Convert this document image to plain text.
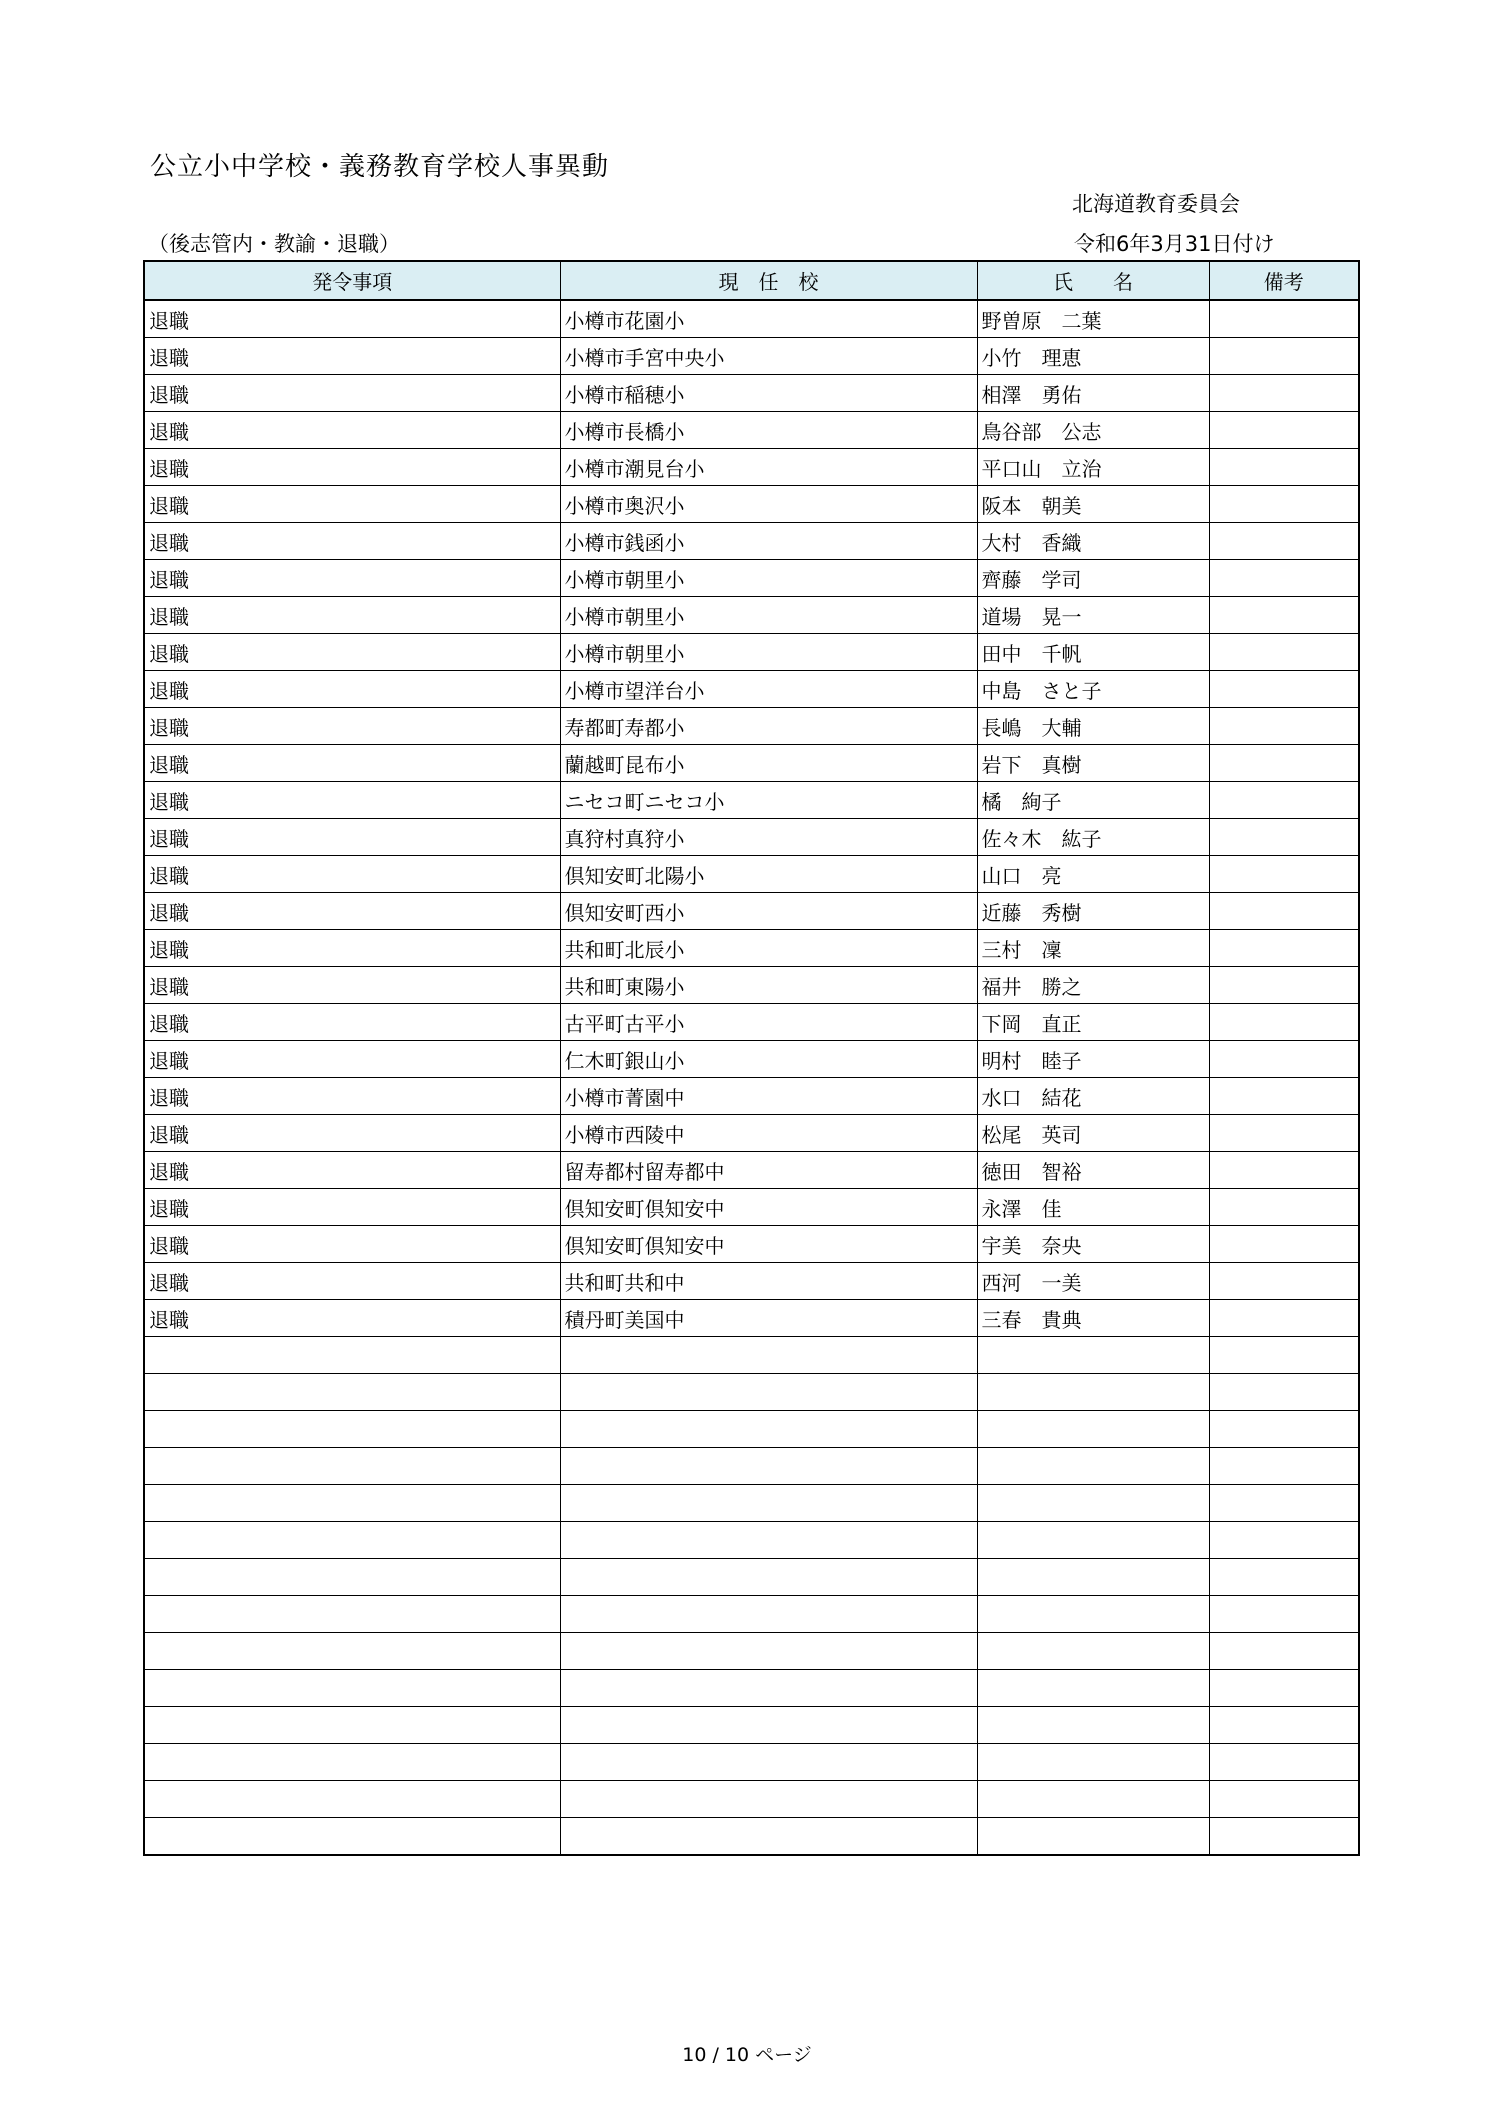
公立小中学校・義務教育学校人事異動
北海道教育委員会
（後志管内・教諭・退職）	令和6年3月31日付け
発令事項	現　任　校	氏　　名	備考
退職	小樽市花園小	野曽原　二葉	
退職	小樽市手宮中央小	小竹　理恵	
退職	小樽市稲穂小	相澤　勇佑	
退職	小樽市長橋小	鳥谷部　公志	
退職	小樽市潮見台小	平口山　立治	
退職	小樽市奥沢小	阪本　朝美	
退職	小樽市銭函小	大村　香織	
退職	小樽市朝里小	齊藤　学司	
退職	小樽市朝里小	道場　晃一	
退職	小樽市朝里小	田中　千帆	
退職	小樽市望洋台小	中島　さと子	
退職	寿都町寿都小	長嶋　大輔	
退職	蘭越町昆布小	岩下　真樹	
退職	ニセコ町ニセコ小	橘　絢子	
退職	真狩村真狩小	佐々木　紘子	
退職	倶知安町北陽小	山口　亮	
退職	倶知安町西小	近藤　秀樹	
退職	共和町北辰小	三村　凜	
退職	共和町東陽小	福井　勝之	
退職	古平町古平小	下岡　直正	
退職	仁木町銀山小	明村　睦子	
退職	小樽市菁園中	水口　結花	
退職	小樽市西陵中	松尾　英司	
退職	留寿都村留寿都中	徳田　智裕	
退職	倶知安町倶知安中	永澤　佳	
退職	倶知安町倶知安中	宇美　奈央	
退職	共和町共和中	西河　一美	
退職	積丹町美国中	三春　貴典	

10 / 10 ページ
